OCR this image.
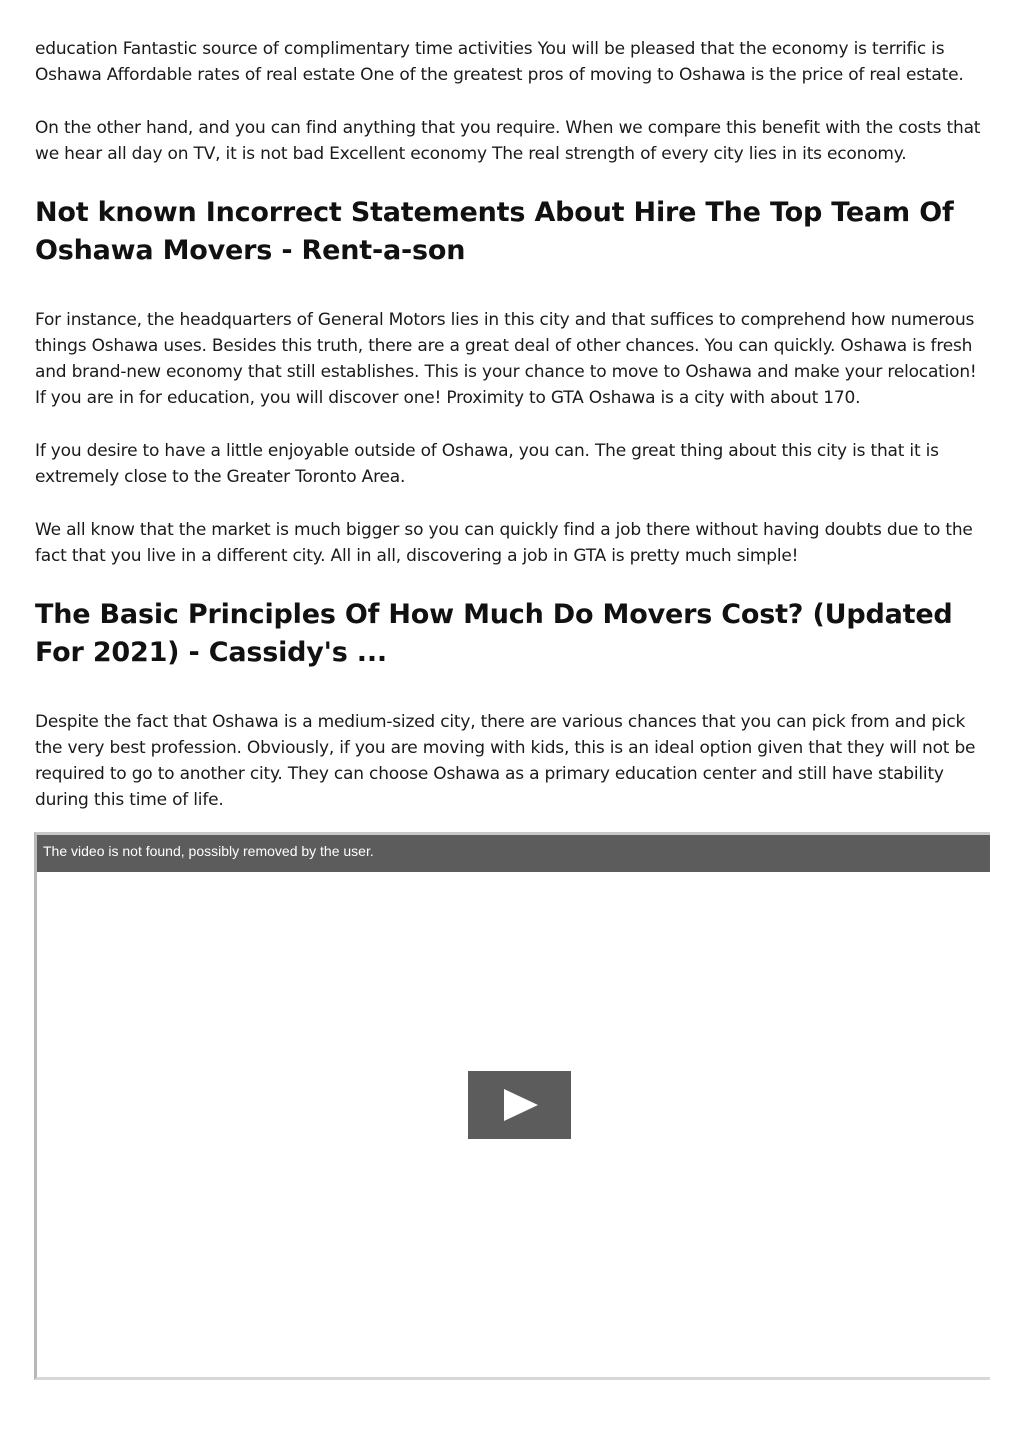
education Fantastic source of complimentary time activities You will be pleased that the economy is terrific is Oshawa Affordable rates of real estate One of the greatest pros of moving to Oshawa is the price of real estate.

On the other hand, and you can find anything that you require. When we compare this benefit with the costs that we hear all day on TV, it is not bad Excellent economy The real strength of every city lies in its economy.

Not known Incorrect Statements About Hire The Top Team Of Oshawa Movers - Rent-a-son

For instance, the headquarters of General Motors lies in this city and that suffices to comprehend how numerous things Oshawa uses. Besides this truth, there are a great deal of other chances. You can quickly. Oshawa is fresh and brand-new economy that still establishes. This is your chance to move to Oshawa and make your relocation! If you are in for education, you will discover one! Proximity to GTA Oshawa is a city with about 170.

If you desire to have a little enjoyable outside of Oshawa, you can. The great thing about this city is that it is extremely close to the Greater Toronto Area.

We all know that the market is much bigger so you can quickly find a job there without having doubts due to the fact that you live in a different city. All in all, discovering a job in GTA is pretty much simple!

The Basic Principles Of How Much Do Movers Cost? (Updated For 2021) - Cassidy's ...

Despite the fact that Oshawa is a medium-sized city, there are various chances that you can pick from and pick the very best profession. Obviously, if you are moving with kids, this is an ideal option given that they will not be required to go to another city. They can choose Oshawa as a primary education center and still have stability during this time of life.

The video is not found, possibly removed by the user.
